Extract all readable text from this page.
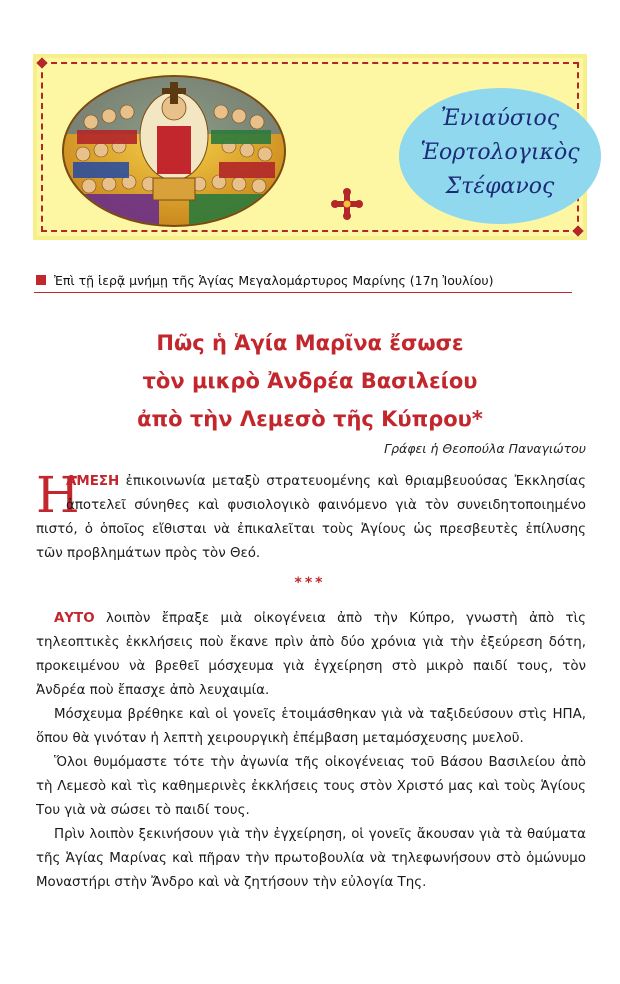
Ἐνιαύσιος
Ἑορτολογικὸς
Στέφανος
Ἐπὶ τῇ ἱερᾷ μνήμῃ τῆς Ἁγίας Μεγαλομάρτυρος Μαρίνης (17η Ἰουλίου)
Πῶς ἡ Ἁγία Μαρῖνα ἔσωσε
τὸν μικρὸ Ἀνδρέα Βασιλείου
ἀπὸ τὴν Λεμεσὸ τῆς Κύπρου*
Γράφει ἡ Θεοπούλα Παναγιώτου
Η
ΑΜΕΣΗ ἐπικοινωνία μεταξὺ στρατευομένης καὶ θριαμβευούσας Ἐκκλησίας ἀποτελεῖ σύνηθες καὶ φυσιολογικὸ φαινόμενο γιὰ τὸν συνειδητοποιημένο πιστό, ὁ ὁποῖος εἴθισται νὰ ἐπικαλεῖται τοὺς Ἁγίους ὡς πρεσβευτὲς ἐπίλυσης τῶν προβλημάτων πρὸς τὸν Θεό.
***

ΑΥΤΟ λοιπὸν ἔπραξε μιὰ οἰκογένεια ἀπὸ τὴν Κύπρο, γνωστὴ ἀπὸ τὶς τηλεοπτικὲς ἐκκλήσεις ποὺ ἔκανε πρὶν ἀπὸ δύο χρόνια γιὰ τὴν ἐξεύρεση δότη, προκειμένου νὰ βρεθεῖ μόσχευμα γιὰ ἐγχείρηση στὸ μικρὸ παιδί τους, τὸν Ἀνδρέα ποὺ ἔπασχε ἀπὸ λευχαιμία.

Μόσχευμα βρέθηκε καὶ οἱ γονεῖς ἑτοιμάσθηκαν γιὰ νὰ ταξιδεύσουν στὶς ΗΠΑ, ὅπου θὰ γινόταν ἡ λεπτὴ χειρουργικὴ ἐπέμβαση μεταμόσχευσης μυελοῦ.

Ὅλοι θυμόμαστε τότε τὴν ἀγωνία τῆς οἰκογένειας τοῦ Βάσου Βασιλείου ἀπὸ τὴ Λεμεσὸ καὶ τὶς καθημερινὲς ἐκκλήσεις τους στὸν Χριστό μας καὶ τοὺς Ἁγίους Του γιὰ νὰ σώσει τὸ παιδί τους.

Πρὶν λοιπὸν ξεκινήσουν γιὰ τὴν ἐγχείρηση, οἱ γονεῖς ἄκουσαν γιὰ τὰ θαύματα τῆς Ἁγίας Μαρίνας καὶ πῆραν τὴν πρωτοβουλία νὰ τηλεφωνήσουν στὸ ὁμώνυμο Μοναστήρι στὴν Ἄνδρο καὶ νὰ ζητήσουν τὴν εὐλογία Της.
